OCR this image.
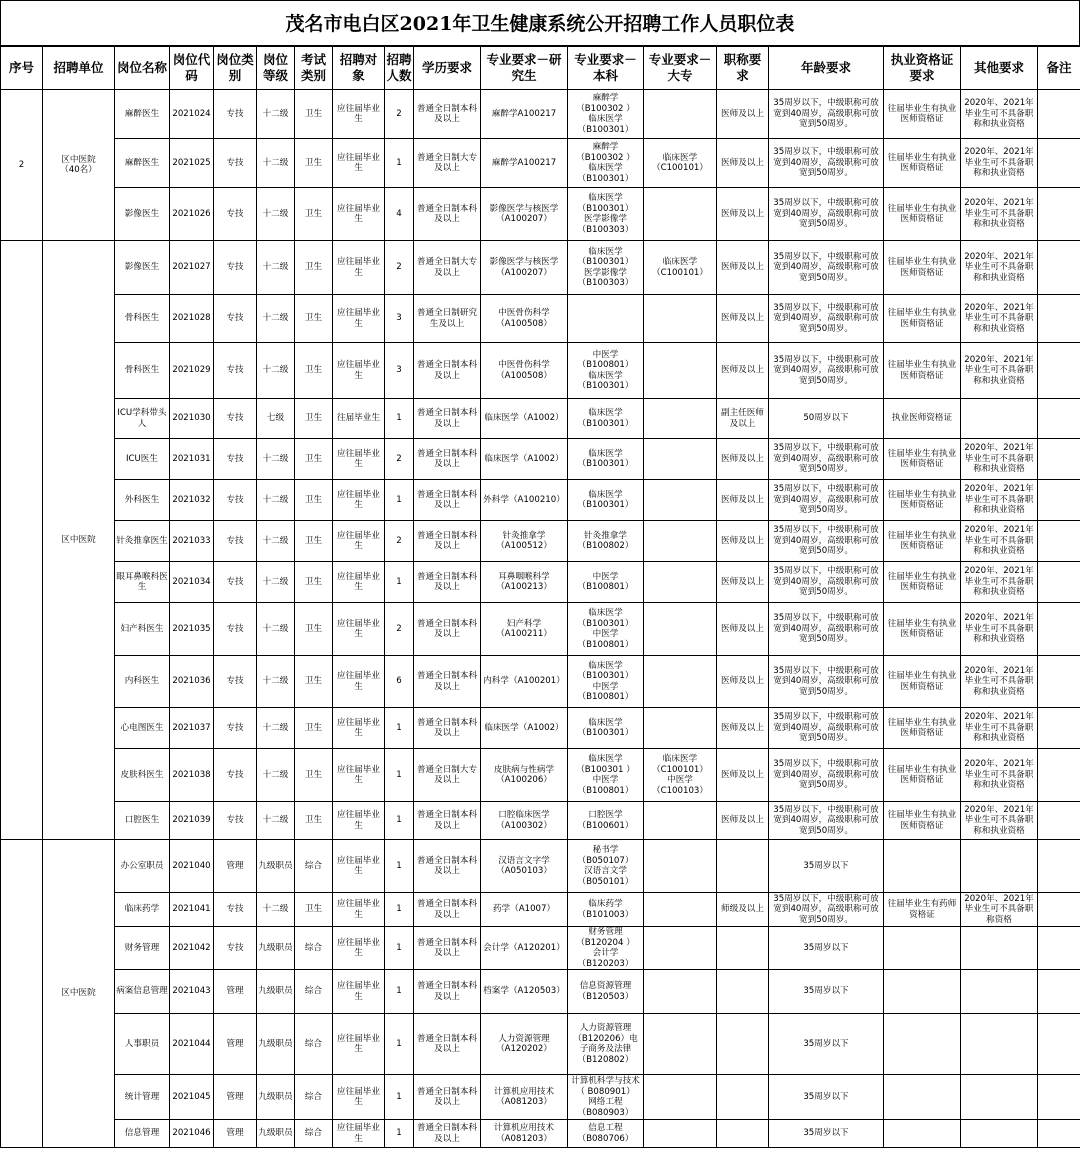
茂名市电白区2021年卫生健康系统公开招聘工作人员职位表
序号	招聘单位	岗位名称	岗位代码	岗位类别	岗位等级	考试类别	招聘对象	招聘人数	学历要求	专业要求－研究生	专业要求－本科	专业要求－大专	职称要求	年龄要求	执业资格证要求	其他要求	备注
2	区中医院
（40名）	麻醉医生	2021024	专技	十二级	卫生	应往届毕业生	2	普通全日制本科及以上	麻醉学A100217	麻醉学
（B100302 ）
临床医学
（B100301）		医师及以上	35周岁以下，中级职称可放宽到40周岁，高级职称可放宽到50周岁。	往届毕业生有执业医师资格证	2020年、2021年毕业生可不具备职称和执业资格	

		麻醉医生	2021025	专技	十二级	卫生	应往届毕业生	1	普通全日制大专及以上	麻醉学A100217	麻醉学
（B100302 ）
临床医学
（B100301）	临床医学
（C100101）	医师及以上	35周岁以下，中级职称可放宽到40周岁，高级职称可放宽到50周岁。	往届毕业生有执业医师资格证	2020年、2021年毕业生可不具备职称和执业资格	

		影像医生	2021026	专技	十二级	卫生	应往届毕业生	4	普通全日制本科及以上	影像医学与核医学
（A100207）	临床医学
（B100301）
医学影像学
（B100303）		医师及以上	35周岁以下，中级职称可放宽到40周岁，高级职称可放宽到50周岁。	往届毕业生有执业医师资格证	2020年、2021年毕业生可不具备职称和执业资格	

	区中医院	影像医生	2021027	专技	十二级	卫生	应往届毕业生	2	普通全日制大专及以上	影像医学与核医学
（A100207）	临床医学
（B100301）
医学影像学
（B100303）	临床医学
（C100101）	医师及以上	35周岁以下，中级职称可放宽到40周岁，高级职称可放宽到50周岁。	往届毕业生有执业医师资格证	2020年、2021年毕业生可不具备职称和执业资格	

		骨科医生	2021028	专技	十二级	卫生	应往届毕业生	3	普通全日制研究生及以上	中医骨伤科学
（A100508）			医师及以上	35周岁以下，中级职称可放宽到40周岁，高级职称可放宽到50周岁。	往届毕业生有执业医师资格证	2020年、2021年毕业生可不具备职称和执业资格	

		骨科医生	2021029	专技	十二级	卫生	应往届毕业生	3	普通全日制本科及以上	中医骨伤科学
（A100508）	中医学
（B100801）
临床医学
（B100301）		医师及以上	35周岁以下，中级职称可放宽到40周岁，高级职称可放宽到50周岁。	往届毕业生有执业医师资格证	2020年、2021年毕业生可不具备职称和执业资格	

		ICU学科带头人	2021030	专技	七级	卫生	往届毕业生	1	普通全日制本科及以上	临床医学（A1002）	临床医学
（B100301）		副主任医师及以上	50周岁以下	执业医师资格证		

		ICU医生	2021031	专技	十二级	卫生	应往届毕业生	2	普通全日制本科及以上	临床医学（A1002）	临床医学
（B100301）		医师及以上	35周岁以下，中级职称可放宽到40周岁，高级职称可放宽到50周岁。	往届毕业生有执业医师资格证	2020年、2021年毕业生可不具备职称和执业资格	

		外科医生	2021032	专技	十二级	卫生	应往届毕业生	1	普通全日制本科及以上	外科学（A100210）	临床医学
（B100301）		医师及以上	35周岁以下，中级职称可放宽到40周岁，高级职称可放宽到50周岁。	往届毕业生有执业医师资格证	2020年、2021年毕业生可不具备职称和执业资格	

		针灸推拿医生	2021033	专技	十二级	卫生	应往届毕业生	2	普通全日制本科及以上	针灸推拿学
（A100512）	针灸推拿学
（B100802）		医师及以上	35周岁以下，中级职称可放宽到40周岁，高级职称可放宽到50周岁。	往届毕业生有执业医师资格证	2020年、2021年毕业生可不具备职称和执业资格	

		眼耳鼻喉科医生	2021034	专技	十二级	卫生	应往届毕业生	1	普通全日制本科及以上	耳鼻咽喉科学
（A100213）	中医学
（B100801）		医师及以上	35周岁以下，中级职称可放宽到40周岁，高级职称可放宽到50周岁。	往届毕业生有执业医师资格证	2020年、2021年毕业生可不具备职称和执业资格	

		妇产科医生	2021035	专技	十二级	卫生	应往届毕业生	2	普通全日制本科及以上	妇产科学
（A100211）	临床医学
（B100301）
中医学
（B100801）		医师及以上	35周岁以下，中级职称可放宽到40周岁，高级职称可放宽到50周岁。	往届毕业生有执业医师资格证	2020年、2021年毕业生可不具备职称和执业资格	

		内科医生	2021036	专技	十二级	卫生	应往届毕业生	6	普通全日制本科及以上	内科学（A100201）	临床医学
（B100301）
中医学
（B100801）		医师及以上	35周岁以下，中级职称可放宽到40周岁，高级职称可放宽到50周岁。	往届毕业生有执业医师资格证	2020年、2021年毕业生可不具备职称和执业资格	

		心电图医生	2021037	专技	十二级	卫生	应往届毕业生	1	普通全日制本科及以上	临床医学（A1002）	临床医学
（B100301）		医师及以上	35周岁以下，中级职称可放宽到40周岁，高级职称可放宽到50周岁。	往届毕业生有执业医师资格证	2020年、2021年毕业生可不具备职称和执业资格	

		皮肤科医生	2021038	专技	十二级	卫生	应往届毕业生	1	普通全日制大专及以上	皮肤病与性病学
（A100206）	临床医学
（B100301 ）
中医学
（B100801）	临床医学
（C100101）
中医学
（C100103）	医师及以上	35周岁以下，中级职称可放宽到40周岁，高级职称可放宽到50周岁。	往届毕业生有执业医师资格证	2020年、2021年毕业生可不具备职称和执业资格	

		口腔医生	2021039	专技	十二级	卫生	应往届毕业生	1	普通全日制本科及以上	口腔临床医学
（A100302）	口腔医学
（B100601）		医师及以上	35周岁以下，中级职称可放宽到40周岁，高级职称可放宽到50周岁。	往届毕业生有执业医师资格证	2020年、2021年毕业生可不具备职称和执业资格	

	区中医院	办公室职员	2021040	管理	九级职员	综合	应往届毕业生	1	普通全日制本科及以上	汉语言文字学
（A050103）	秘书学
（B050107）
汉语言文学
（B050101）			35周岁以下			

		临床药学	2021041	专技	十二级	卫生	应往届毕业生	1	普通全日制本科及以上	药学（A1007）	临床药学
（B101003）		师级及以上	35周岁以下，中级职称可放宽到40周岁，高级职称可放宽到50周岁。	往届毕业生有药师资格证	2020年、2021年毕业生可不具备职称资格	

		财务管理	2021042	专技	九级职员	综合	应往届毕业生	1	普通全日制本科及以上	会计学（A120201）	财务管理
（B120204 ）
会计学
（B120203）			35周岁以下			

		病案信息管理	2021043	管理	九级职员	综合	应往届毕业生	1	普通全日制本科及以上	档案学（A120503）	信息资源管理
（B120503）			35周岁以下			

		人事职员	2021044	管理	九级职员	综合	应往届毕业生	1	普通全日制本科及以上	人力资源管理
（A120202）	人力资源管理
（B120206）电子商务及法律
（B120802）			35周岁以下			

		统计管理	2021045	管理	九级职员	综合	应往届毕业生	1	普通全日制本科及以上	计算机应用技术
（A081203）	计算机科学与技术
（ B080901）
网络工程
（B080903）			35周岁以下			

		信息管理	2021046	管理	九级职员	综合	应往届毕业生	1	普通全日制本科及以上	计算机应用技术
（A081203）	信息工程
（B080706）			35周岁以下			
